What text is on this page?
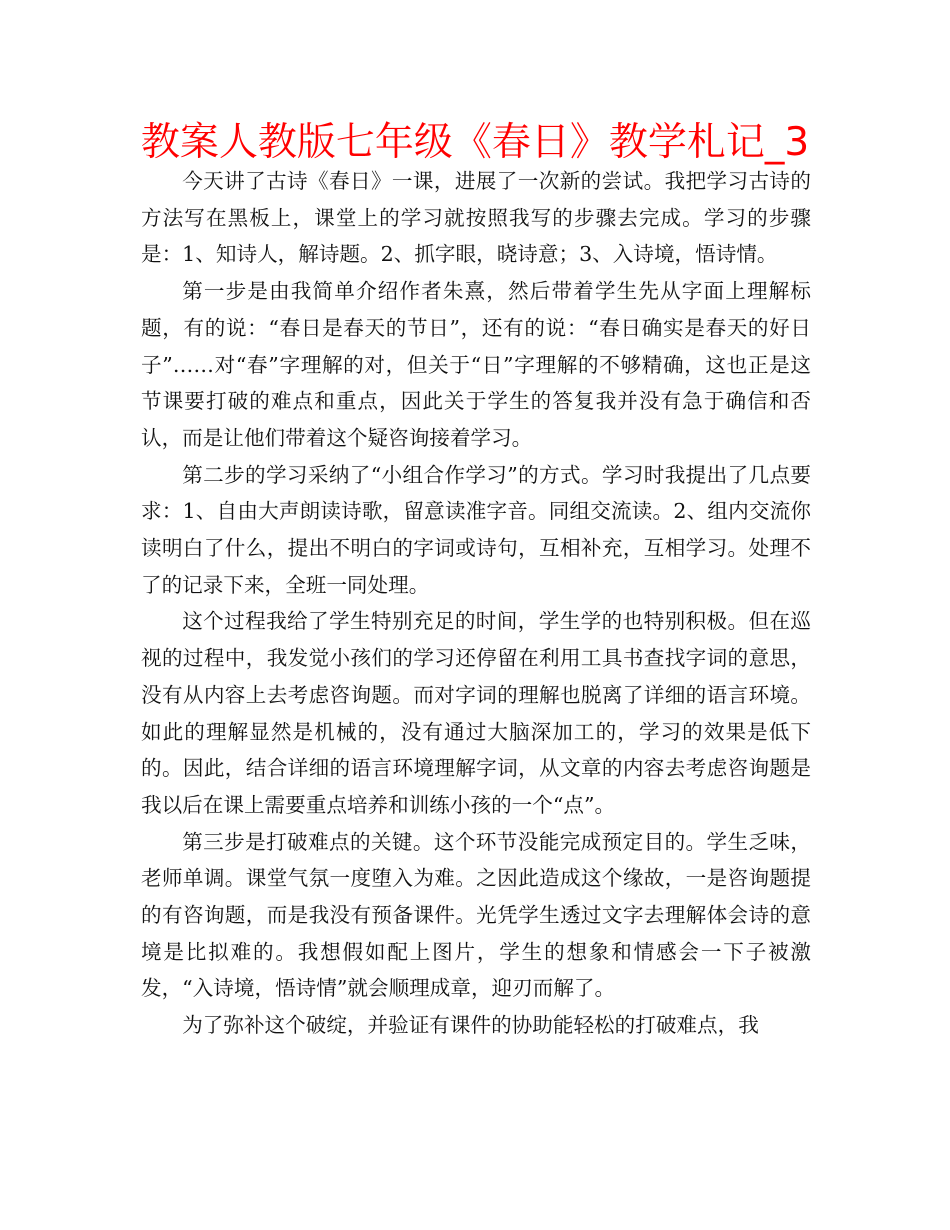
教案人教版七年级《春日》教学札记_3

今天讲了古诗《春日》一课，进展了一次新的尝试。我把学习古诗的方法写在黑板上，课堂上的学习就按照我写的步骤去完成。学习的步骤是：1、知诗人，解诗题。2、抓字眼，晓诗意；3、入诗境，悟诗情。

第一步是由我简单介绍作者朱熹，然后带着学生先从字面上理解标题，有的说：“春日是春天的节日”，还有的说：“春日确实是春天的好日子”……对“春”字理解的对，但关于“日”字理解的不够精确，这也正是这节课要打破的难点和重点，因此关于学生的答复我并没有急于确信和否认，而是让他们带着这个疑咨询接着学习。

第二步的学习采纳了“小组合作学习”的方式。学习时我提出了几点要求：1、自由大声朗读诗歌，留意读准字音。同组交流读。2、组内交流你读明白了什么，提出不明白的字词或诗句，互相补充，互相学习。处理不了的记录下来，全班一同处理。

这个过程我给了学生特别充足的时间，学生学的也特别积极。但在巡视的过程中，我发觉小孩们的学习还停留在利用工具书查找字词的意思，没有从内容上去考虑咨询题。而对字词的理解也脱离了详细的语言环境。如此的理解显然是机械的，没有通过大脑深加工的，学习的效果是低下的。因此，结合详细的语言环境理解字词，从文章的内容去考虑咨询题是我以后在课上需要重点培养和训练小孩的一个“点”。

第三步是打破难点的关键。这个环节没能完成预定目的。学生乏味，老师单调。课堂气氛一度堕入为难。之因此造成这个缘故，一是咨询题提的有咨询题，而是我没有预备课件。光凭学生透过文字去理解体会诗的意境是比拟难的。我想假如配上图片，学生的想象和情感会一下子被激发，“入诗境，悟诗情”就会顺理成章，迎刃而解了。

为了弥补这个破绽，并验证有课件的协助能轻松的打破难点，我
